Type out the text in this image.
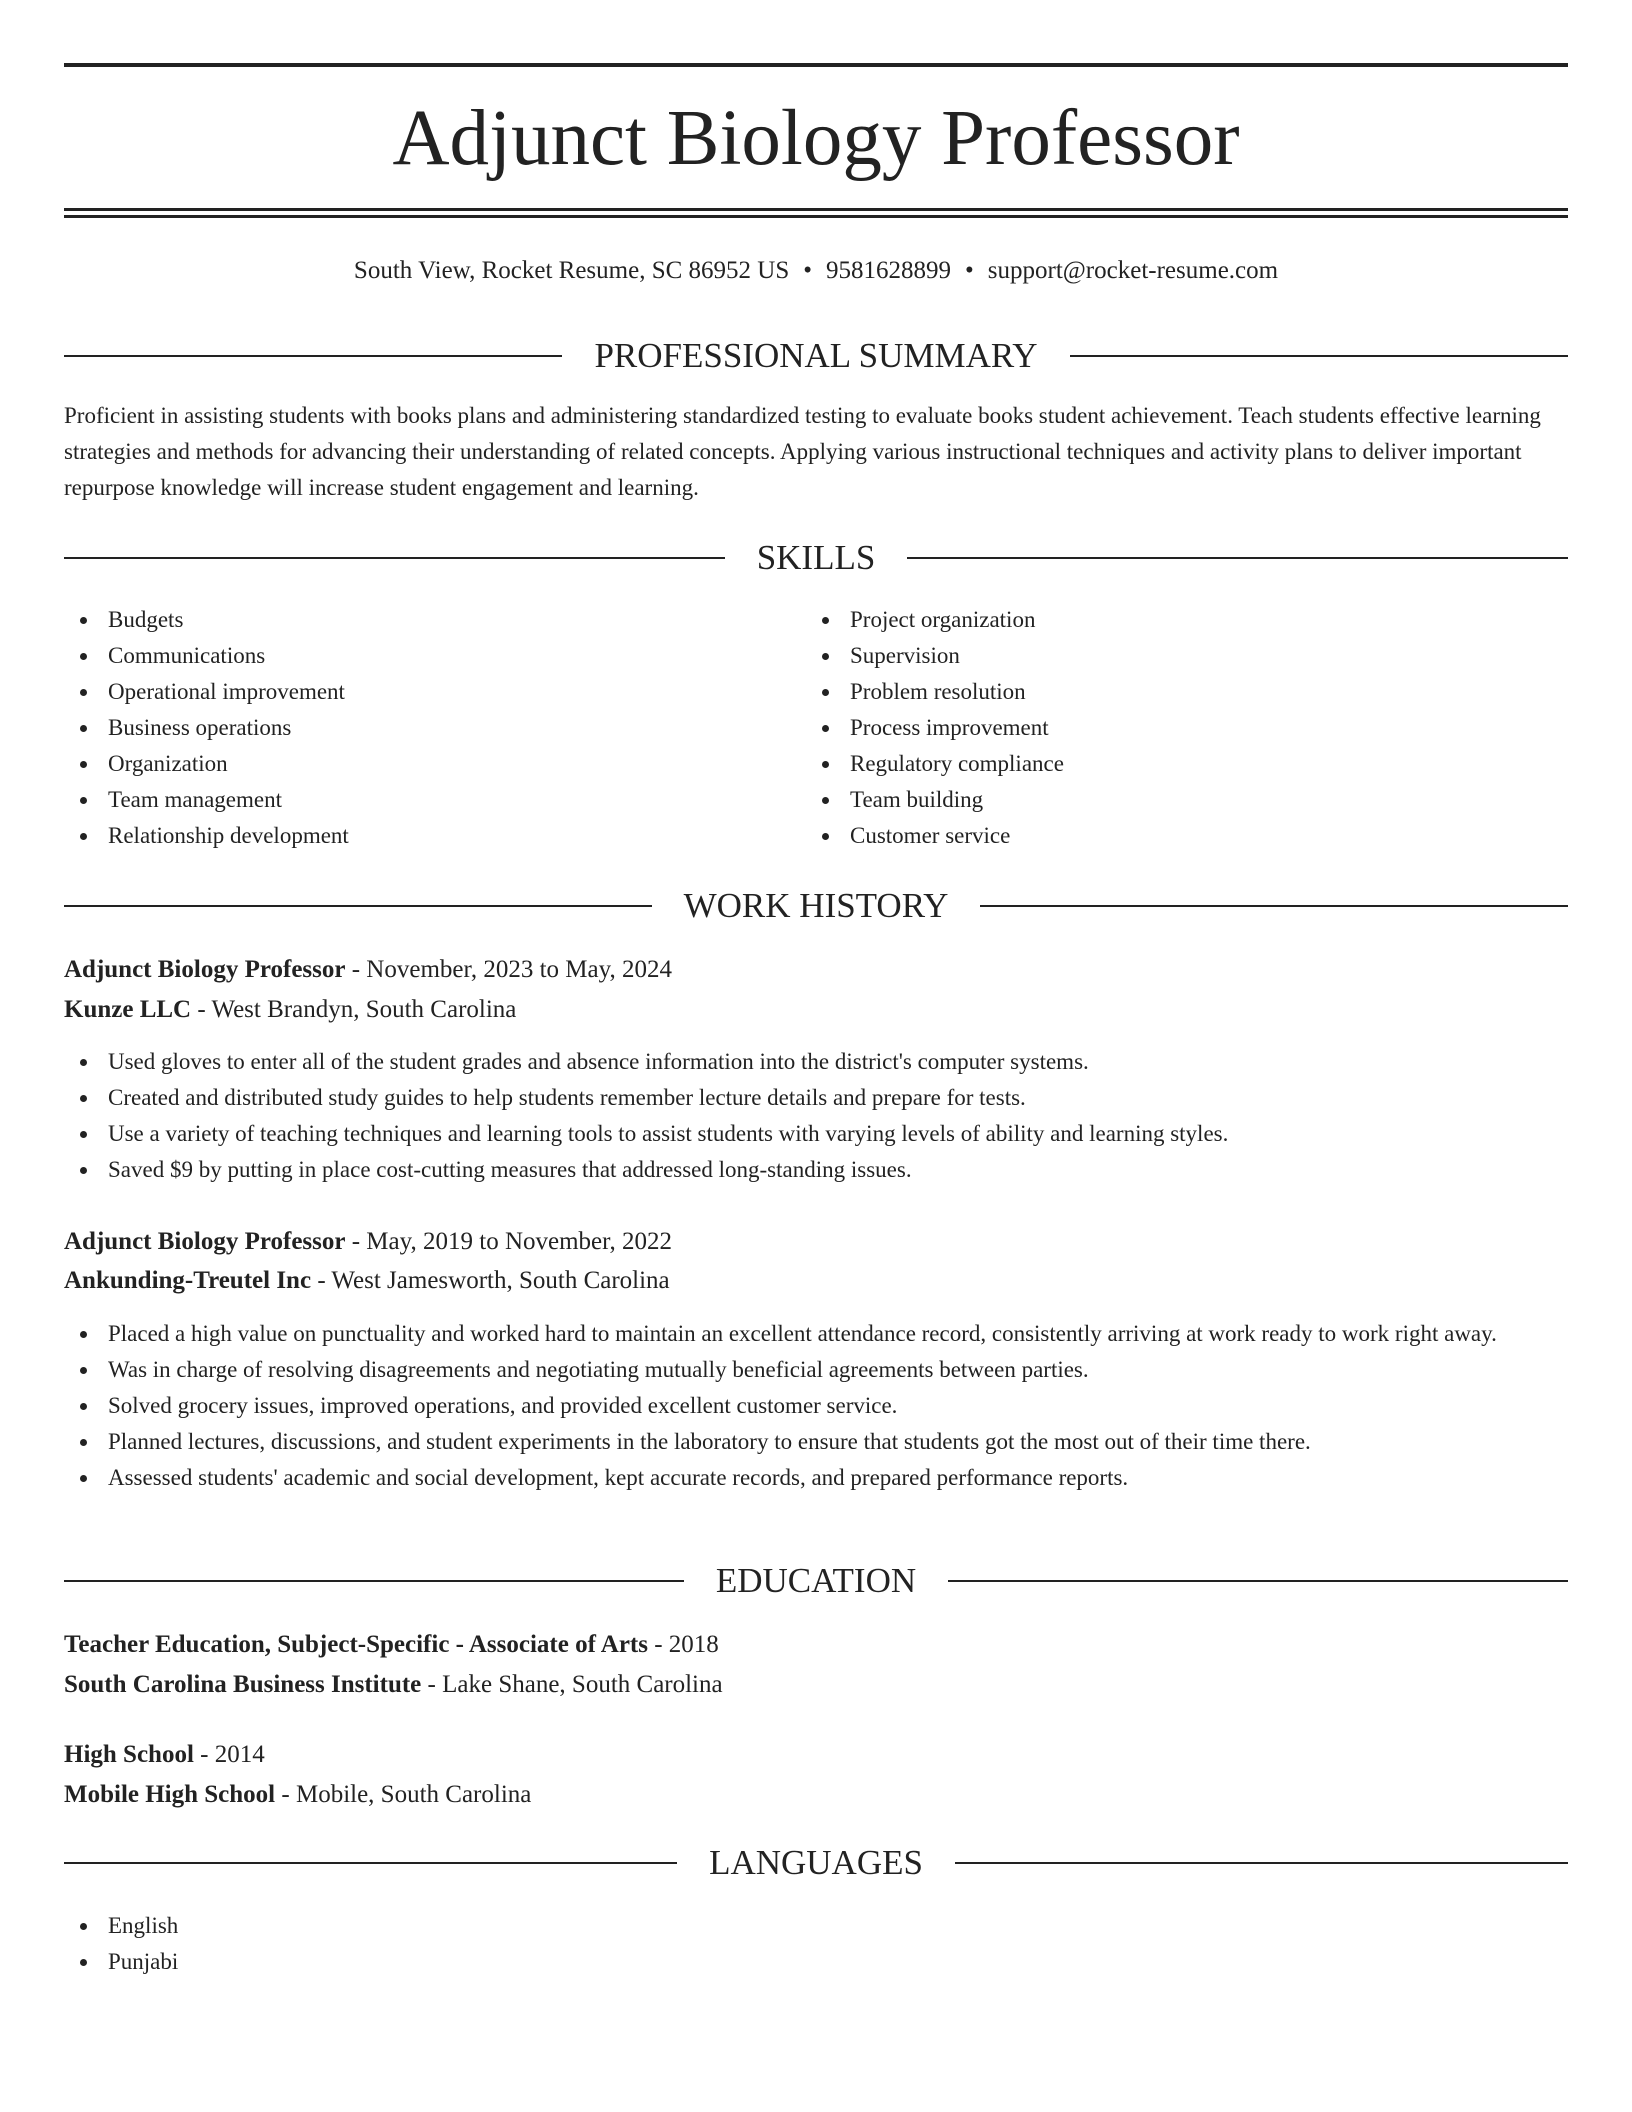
Adjunct Biology Professor
South View, Rocket Resume, SC 86952 US • 9581628899 • support@rocket-resume.com
PROFESSIONAL SUMMARY

Proficient in assisting students with books plans and administering standardized testing to evaluate books student achievement. Teach students effective learning strategies and methods for advancing their understanding of related concepts. Applying various instructional techniques and activity plans to deliver important repurpose knowledge will increase student engagement and learning.

SKILLS
Budgets
Communications
Operational improvement
Business operations
Organization
Team management
Relationship development
Project organization
Supervision
Problem resolution
Process improvement
Regulatory compliance
Team building
Customer service
WORK HISTORY
Adjunct Biology Professor - November, 2023 to May, 2024
Kunze LLC - West Brandyn, South Carolina
Used gloves to enter all of the student grades and absence information into the district's computer systems.
Created and distributed study guides to help students remember lecture details and prepare for tests.
Use a variety of teaching techniques and learning tools to assist students with varying levels of ability and learning styles.
Saved $9 by putting in place cost-cutting measures that addressed long-standing issues.
Adjunct Biology Professor - May, 2019 to November, 2022
Ankunding-Treutel Inc - West Jamesworth, South Carolina
Placed a high value on punctuality and worked hard to maintain an excellent attendance record, consistently arriving at work ready to work right away.
Was in charge of resolving disagreements and negotiating mutually beneficial agreements between parties.
Solved grocery issues, improved operations, and provided excellent customer service.
Planned lectures, discussions, and student experiments in the laboratory to ensure that students got the most out of their time there.
Assessed students' academic and social development, kept accurate records, and prepared performance reports.
EDUCATION
Teacher Education, Subject-Specific - Associate of Arts - 2018
South Carolina Business Institute - Lake Shane, South Carolina
High School - 2014
Mobile High School - Mobile, South Carolina
LANGUAGES
English
Punjabi
